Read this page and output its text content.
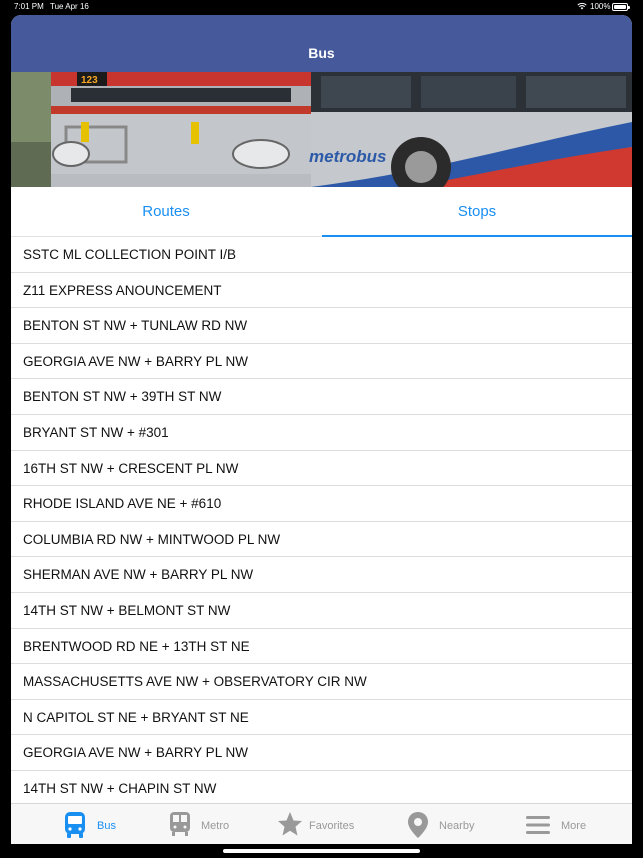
7:01 PM Tue Apr 16	100%
Bus
123
metrobus
Routes	Stops
SSTC ML COLLECTION POINT I/B
Z11 EXPRESS ANOUNCEMENT
BENTON ST NW + TUNLAW RD NW
GEORGIA AVE NW + BARRY PL NW
BENTON ST NW + 39TH ST NW
BRYANT ST NW + #301
16TH ST NW + CRESCENT PL NW
RHODE ISLAND AVE NE + #610
COLUMBIA RD NW + MINTWOOD PL NW
SHERMAN AVE NW + BARRY PL NW
14TH ST NW + BELMONT ST NW
BRENTWOOD RD NE + 13TH ST NE
MASSACHUSETTS AVE NW + OBSERVATORY CIR NW
N CAPITOL ST NE + BRYANT ST NE
GEORGIA AVE NW + BARRY PL NW
14TH ST NW + CHAPIN ST NW
Bus	Metro	Favorites	Nearby	More
